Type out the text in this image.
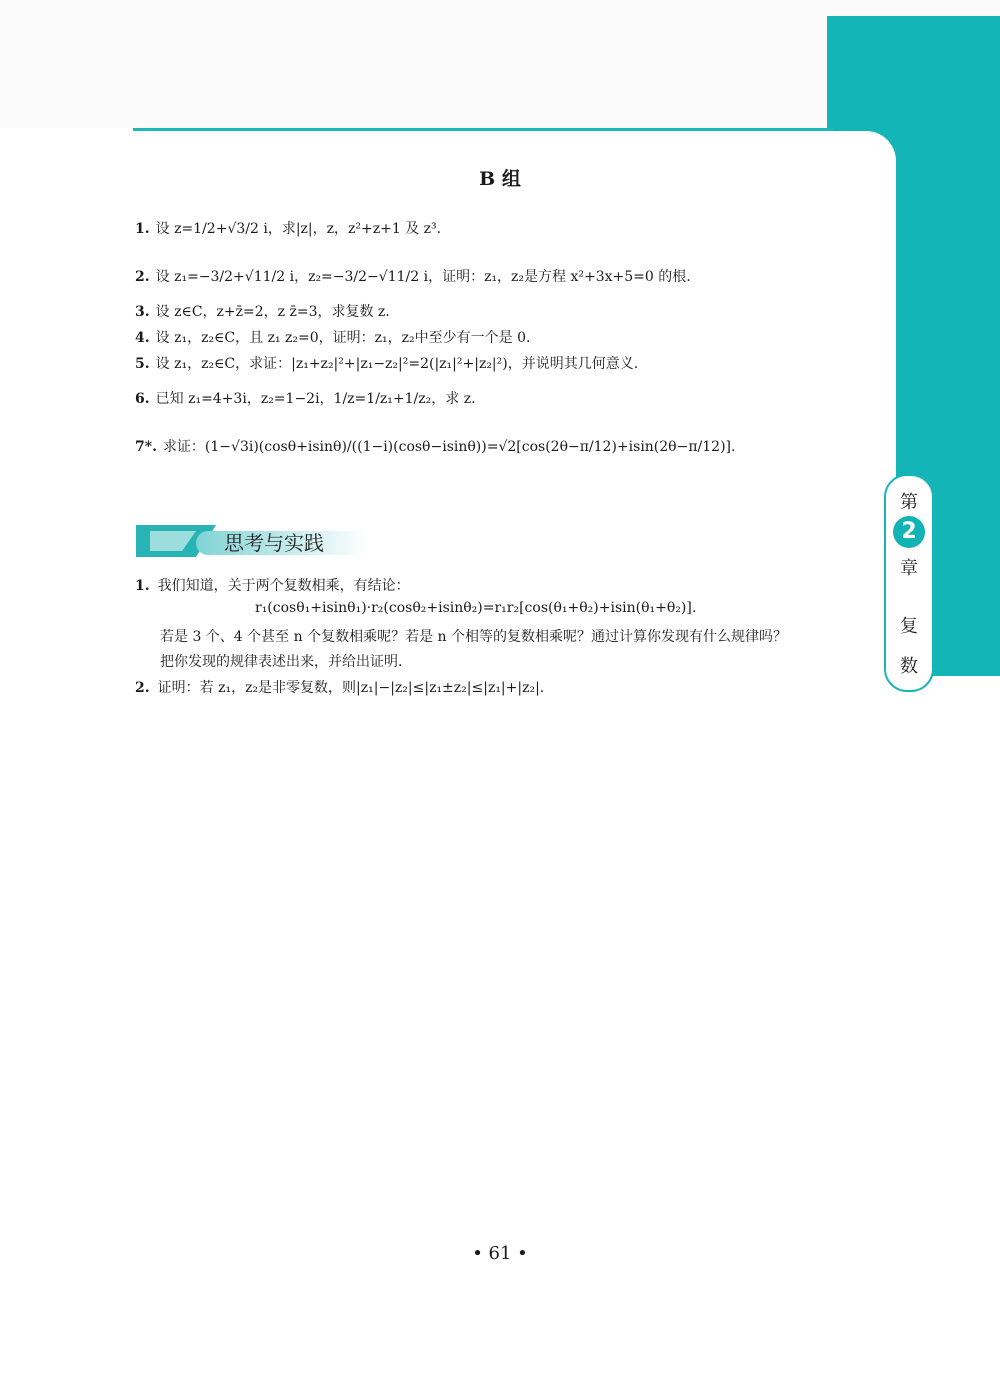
第
2
章
复
数
B 组
1. 设 z=1/2+√3/2 i，求|z|，z，z²+z+1 及 z³.
2. 设 z₁=−3/2+√11/2 i，z₂=−3/2−√11/2 i，证明：z₁，z₂是方程 x²+3x+5=0 的根.
3. 设 z∈C，z+z̄=2，z z̄=3，求复数 z.
4. 设 z₁，z₂∈C，且 z₁ z₂=0，证明：z₁，z₂中至少有一个是 0.
5. 设 z₁，z₂∈C，求证：|z₁+z₂|²+|z₁−z₂|²=2(|z₁|²+|z₂|²)，并说明其几何意义.
6. 已知 z₁=4+3i，z₂=1−2i，1/z=1/z₁+1/z₂，求 z.
7*. 求证：(1−√3i)(cosθ+isinθ)/((1−i)(cosθ−isinθ))=√2[cos(2θ−π/12)+isin(2θ−π/12)].
思考与实践
1. 我们知道，关于两个复数相乘，有结论：
r₁(cosθ₁+isinθ₁)·r₂(cosθ₂+isinθ₂)=r₁r₂[cos(θ₁+θ₂)+isin(θ₁+θ₂)].
若是 3 个、4 个甚至 n 个复数相乘呢？若是 n 个相等的复数相乘呢？通过计算你发现有什么规律吗？
把你发现的规律表述出来，并给出证明.
2. 证明：若 z₁，z₂是非零复数，则|z₁|−|z₂|≤|z₁±z₂|≤|z₁|+|z₂|.
• 61 •
